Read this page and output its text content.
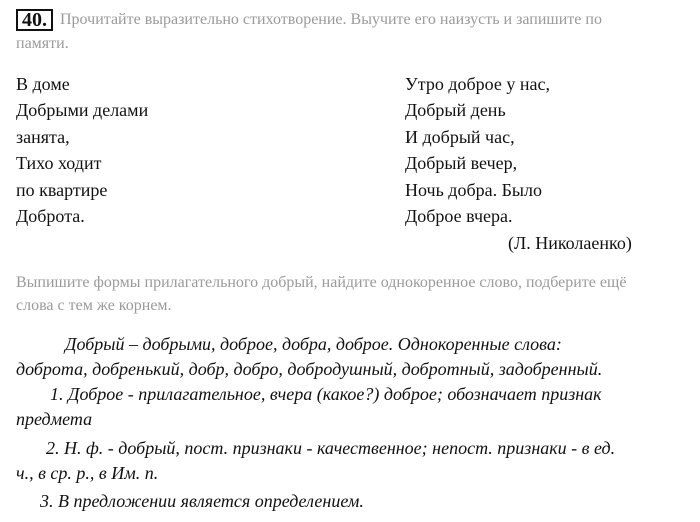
40. Прочитайте выразительно стихотворение. Выучите его наизусть и запишите по
памяти.
В доме
Добрыми делами
занята,
Тихо ходит
по квартире
Доброта.
Утро доброе у нас,
Добрый день
И добрый час,
Добрый вечер,
Ночь добра. Было
Доброе вчера.
(Л. Николаенко)
Выпишите формы прилагательного добрый, найдите однокоренное слово, подберите ещё
слова с тем же корнем.
Добрый – добрыми, доброе, добра, доброе. Однокоренные слова:
доброта, добренький, добр, добро, добродушный, добротный, задобренный.
1. Доброе - прилагательное, вчера (какое?) доброе; обозначает признак
предмета
2. Н. ф. - добрый, пост. признаки - качественное; непост. признаки - в ед.
ч., в ср. р., в Им. п.
3. В предложении является определением.
